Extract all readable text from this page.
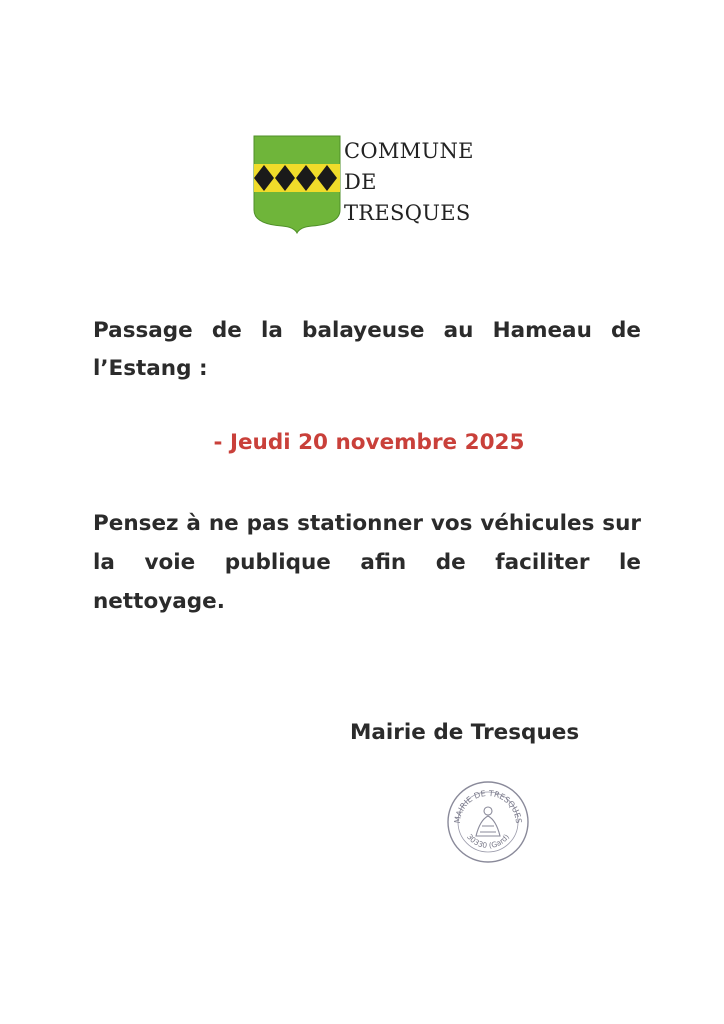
COMMUNE
DE
TRESQUES
Passage de la balayeuse au Hameau de l’Estang :
- Jeudi 20 novembre 2025
Pensez à ne pas stationner vos véhicules sur la voie publique afin de faciliter le nettoyage.
Mairie de Tresques
MAIRIE DE TRESQUES
30330 (Gard)
